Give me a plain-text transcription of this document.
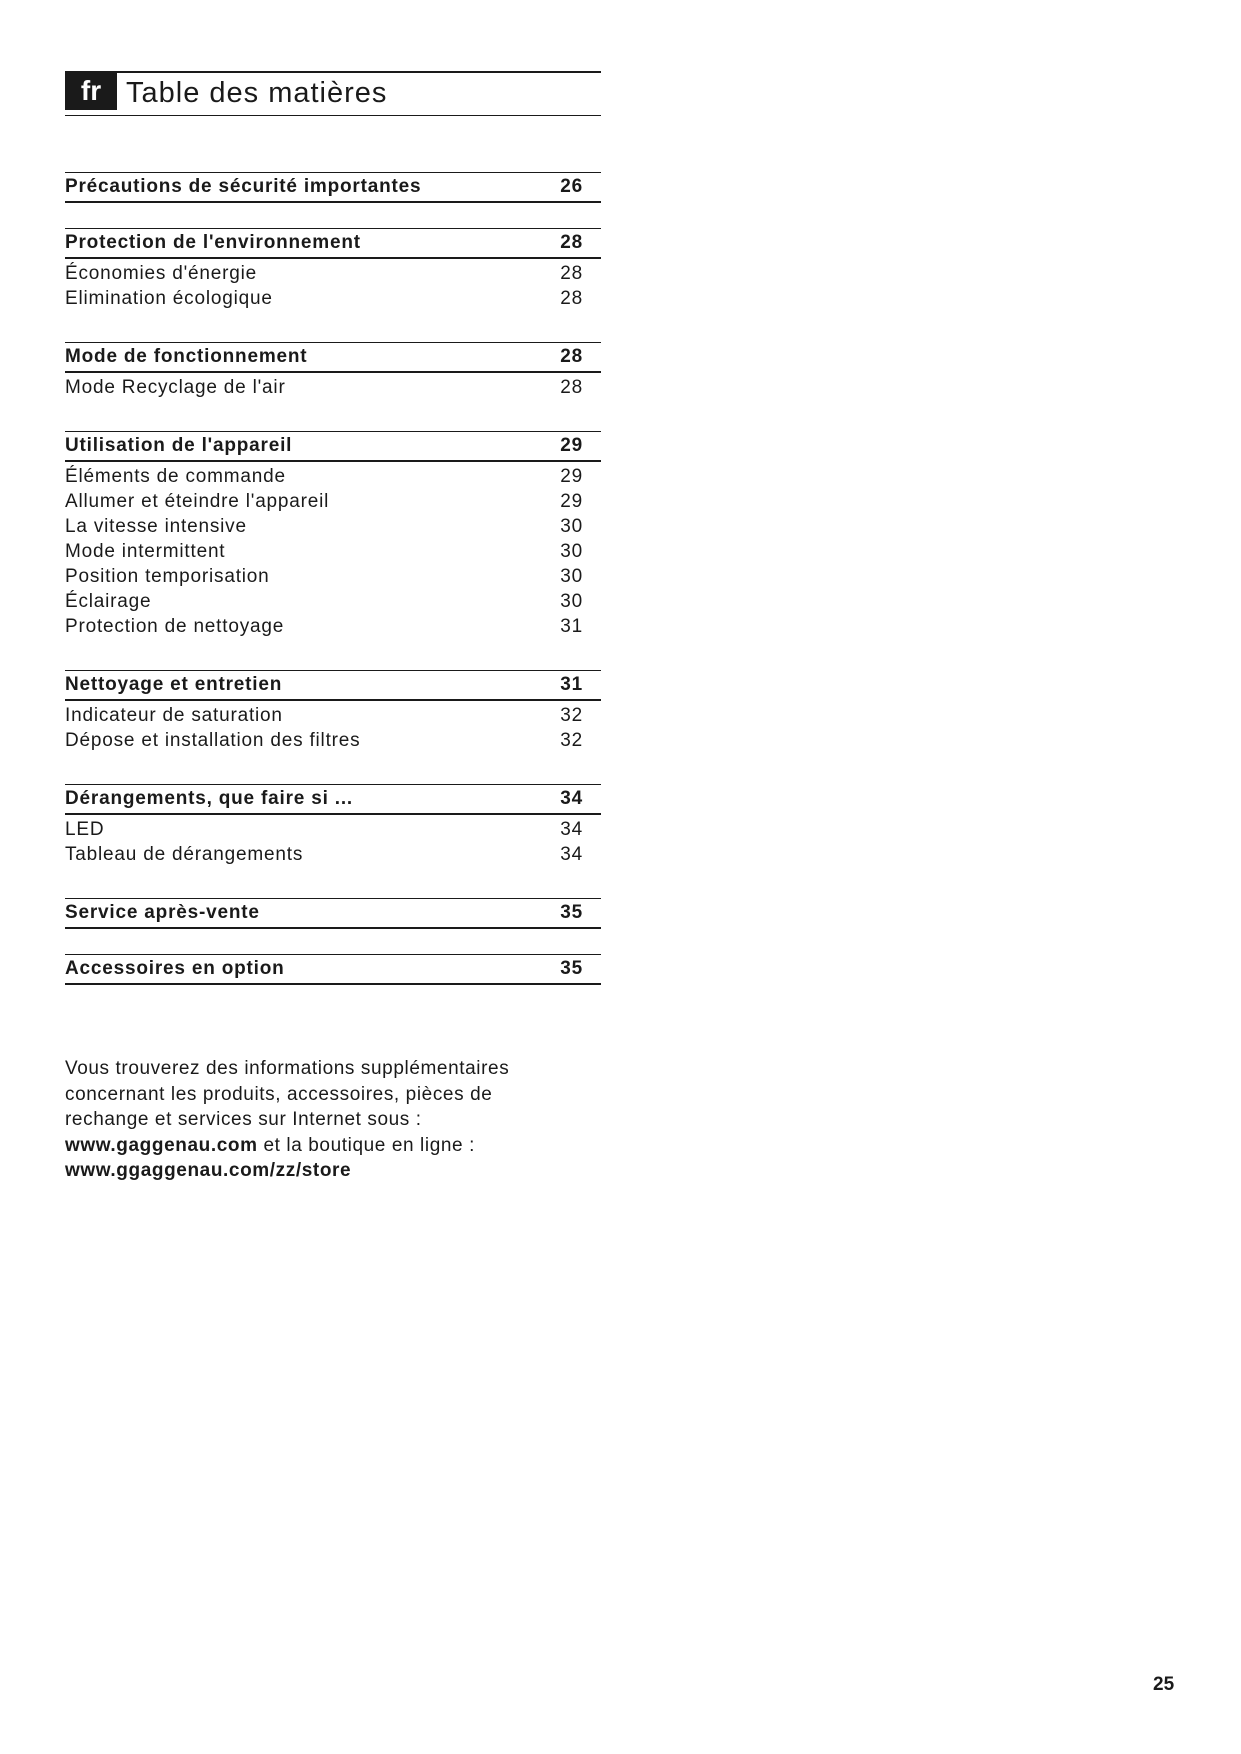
fr Table des matières
Précautions de sécurité importantes	26
Protection de l'environnement	28
Économies d'énergie	28
Elimination écologique	28
Mode de fonctionnement	28
Mode Recyclage de l'air	28
Utilisation de l'appareil	29
Éléments de commande	29
Allumer et éteindre l'appareil	29
La vitesse intensive	30
Mode intermittent	30
Position temporisation	30
Éclairage	30
Protection de nettoyage	31
Nettoyage et entretien	31
Indicateur de saturation	32
Dépose et installation des filtres	32
Dérangements, que faire si ...	34
LED	34
Tableau de dérangements	34
Service après-vente	35
Accessoires en option	35
Vous trouverez des informations supplémentaires
concernant les produits, accessoires, pièces de
rechange et services sur Internet sous :
www.gaggenau.com et la boutique en ligne :
www.ggaggenau.com/zz/store
25
